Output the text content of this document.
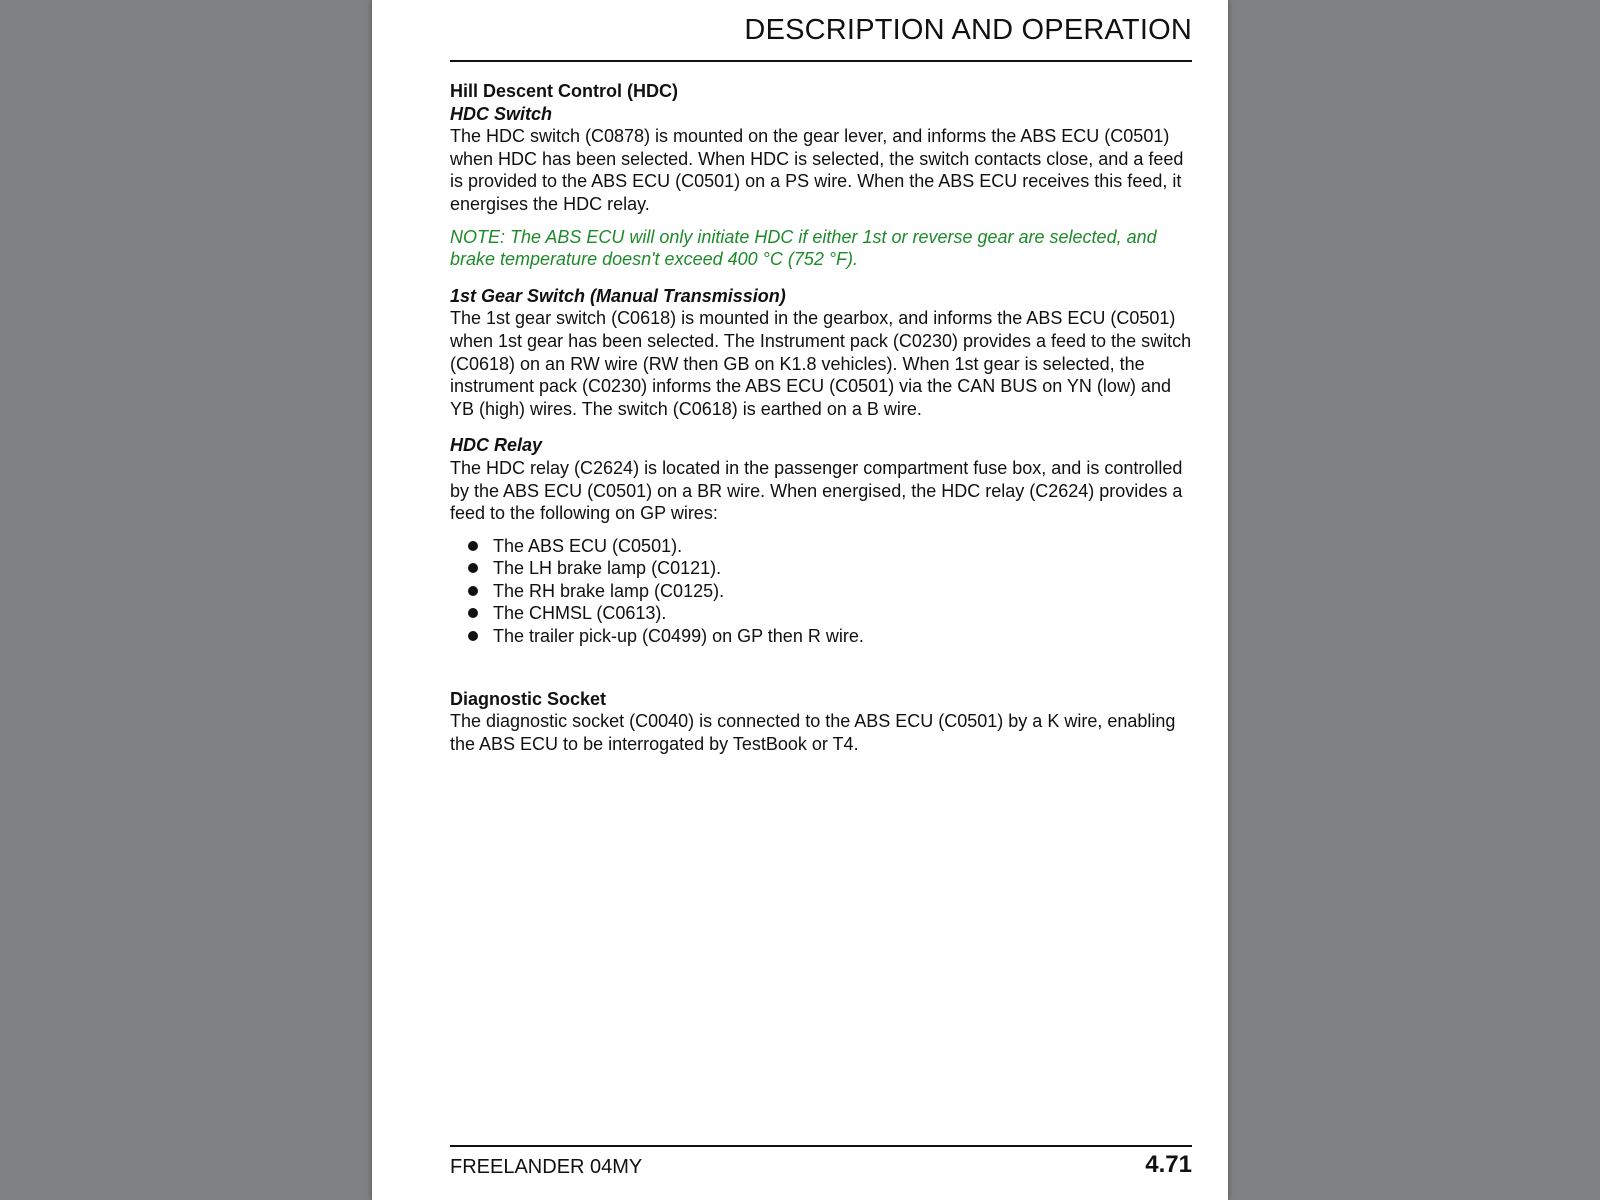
DESCRIPTION AND OPERATION

Hill Descent Control (HDC)

HDC Switch

The HDC switch (C0878) is mounted on the gear lever, and informs the ABS ECU (C0501) when HDC has been selected. When HDC is selected, the switch contacts close, and a feed is provided to the ABS ECU (C0501) on a PS wire. When the ABS ECU receives this feed, it energises the HDC relay.

NOTE: The ABS ECU will only initiate HDC if either 1st or reverse gear are selected, and brake temperature doesn't exceed 400 °C (752 °F).

1st Gear Switch (Manual Transmission)

The 1st gear switch (C0618) is mounted in the gearbox, and informs the ABS ECU (C0501) when 1st gear has been selected. The Instrument pack (C0230) provides a feed to the switch (C0618) on an RW wire (RW then GB on K1.8 vehicles). When 1st gear is selected, the instrument pack (C0230) informs the ABS ECU (C0501) via the CAN BUS on YN (low) and YB (high) wires. The switch (C0618) is earthed on a B wire.

HDC Relay

The HDC relay (C2624) is located in the passenger compartment fuse box, and is controlled by the ABS ECU (C0501) on a BR wire. When energised, the HDC relay (C2624) provides a feed to the following on GP wires:

The ABS ECU (C0501).
The LH brake lamp (C0121).
The RH brake lamp (C0125).
The CHMSL (C0613).
The trailer pick-up (C0499) on GP then R wire.

Diagnostic Socket

The diagnostic socket (C0040) is connected to the ABS ECU (C0501) by a K wire, enabling the ABS ECU to be interrogated by TestBook or T4.

FREELANDER 04MY	4.71
